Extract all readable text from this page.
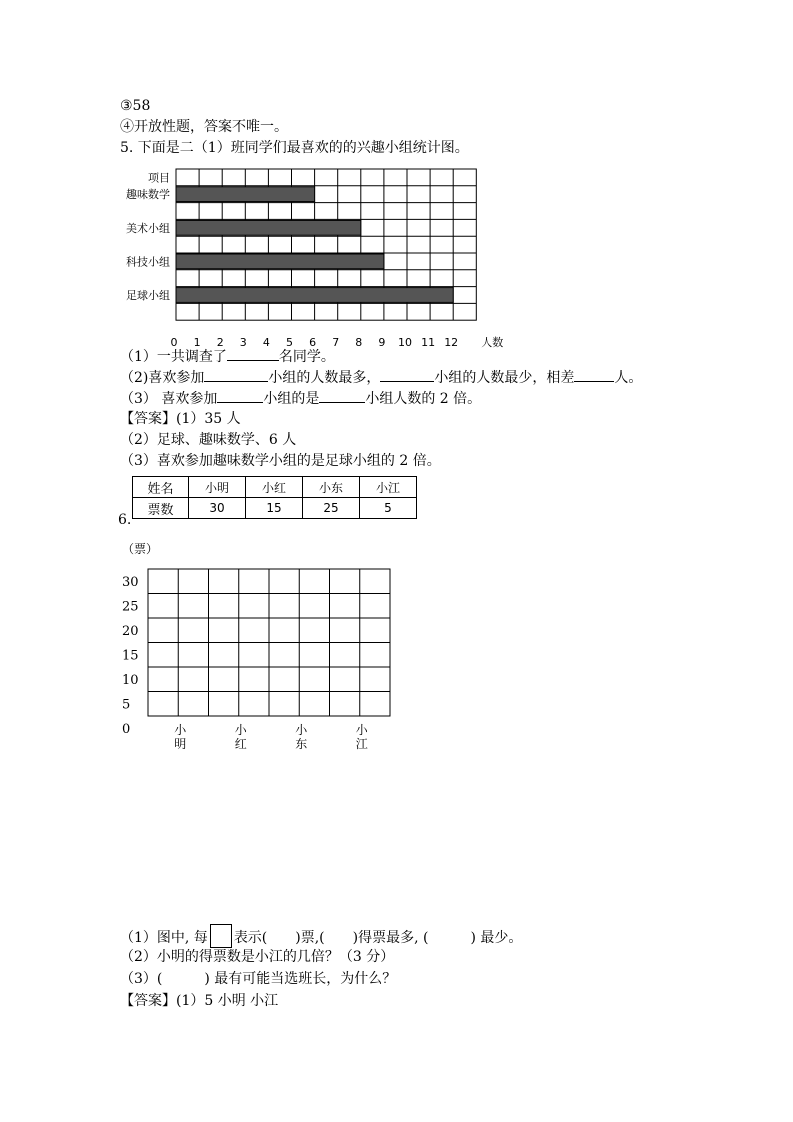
③58
④开放性题，答案不唯一。
5. 下面是二（1）班同学们最喜欢的的兴趣小组统计图。
项目
趣味数学
美术小组
科技小组
足球小组
0 1 2 3 4 5 6 7 8 9 10 11 12 人数
（1）一共调查了	名同学。
（2)喜欢参加	小组的人数最多，	小组的人数最少，相差	人。
（3） 喜欢参加	小组的是	小组人数的 2 倍。
【答案】(1）35 人
（2）足球、趣味数学、6 人
（3）喜欢参加趣味数学小组的是足球小组的 2 倍。
姓名	小明	小红	小东	小江
票数	30	15	25	5
6.
（票）
30
25
20
15
10
5
0	小
明
小
红
小
东
小
江
（1）图中, 每 表示(　　)票,(　　)得票最多, (　　　) 最少。
（2）小明的得票数是小江的几倍？（3 分）
（3）(　　　) 最有可能当选班长，为什么？
【答案】(1）5 小明 小江
